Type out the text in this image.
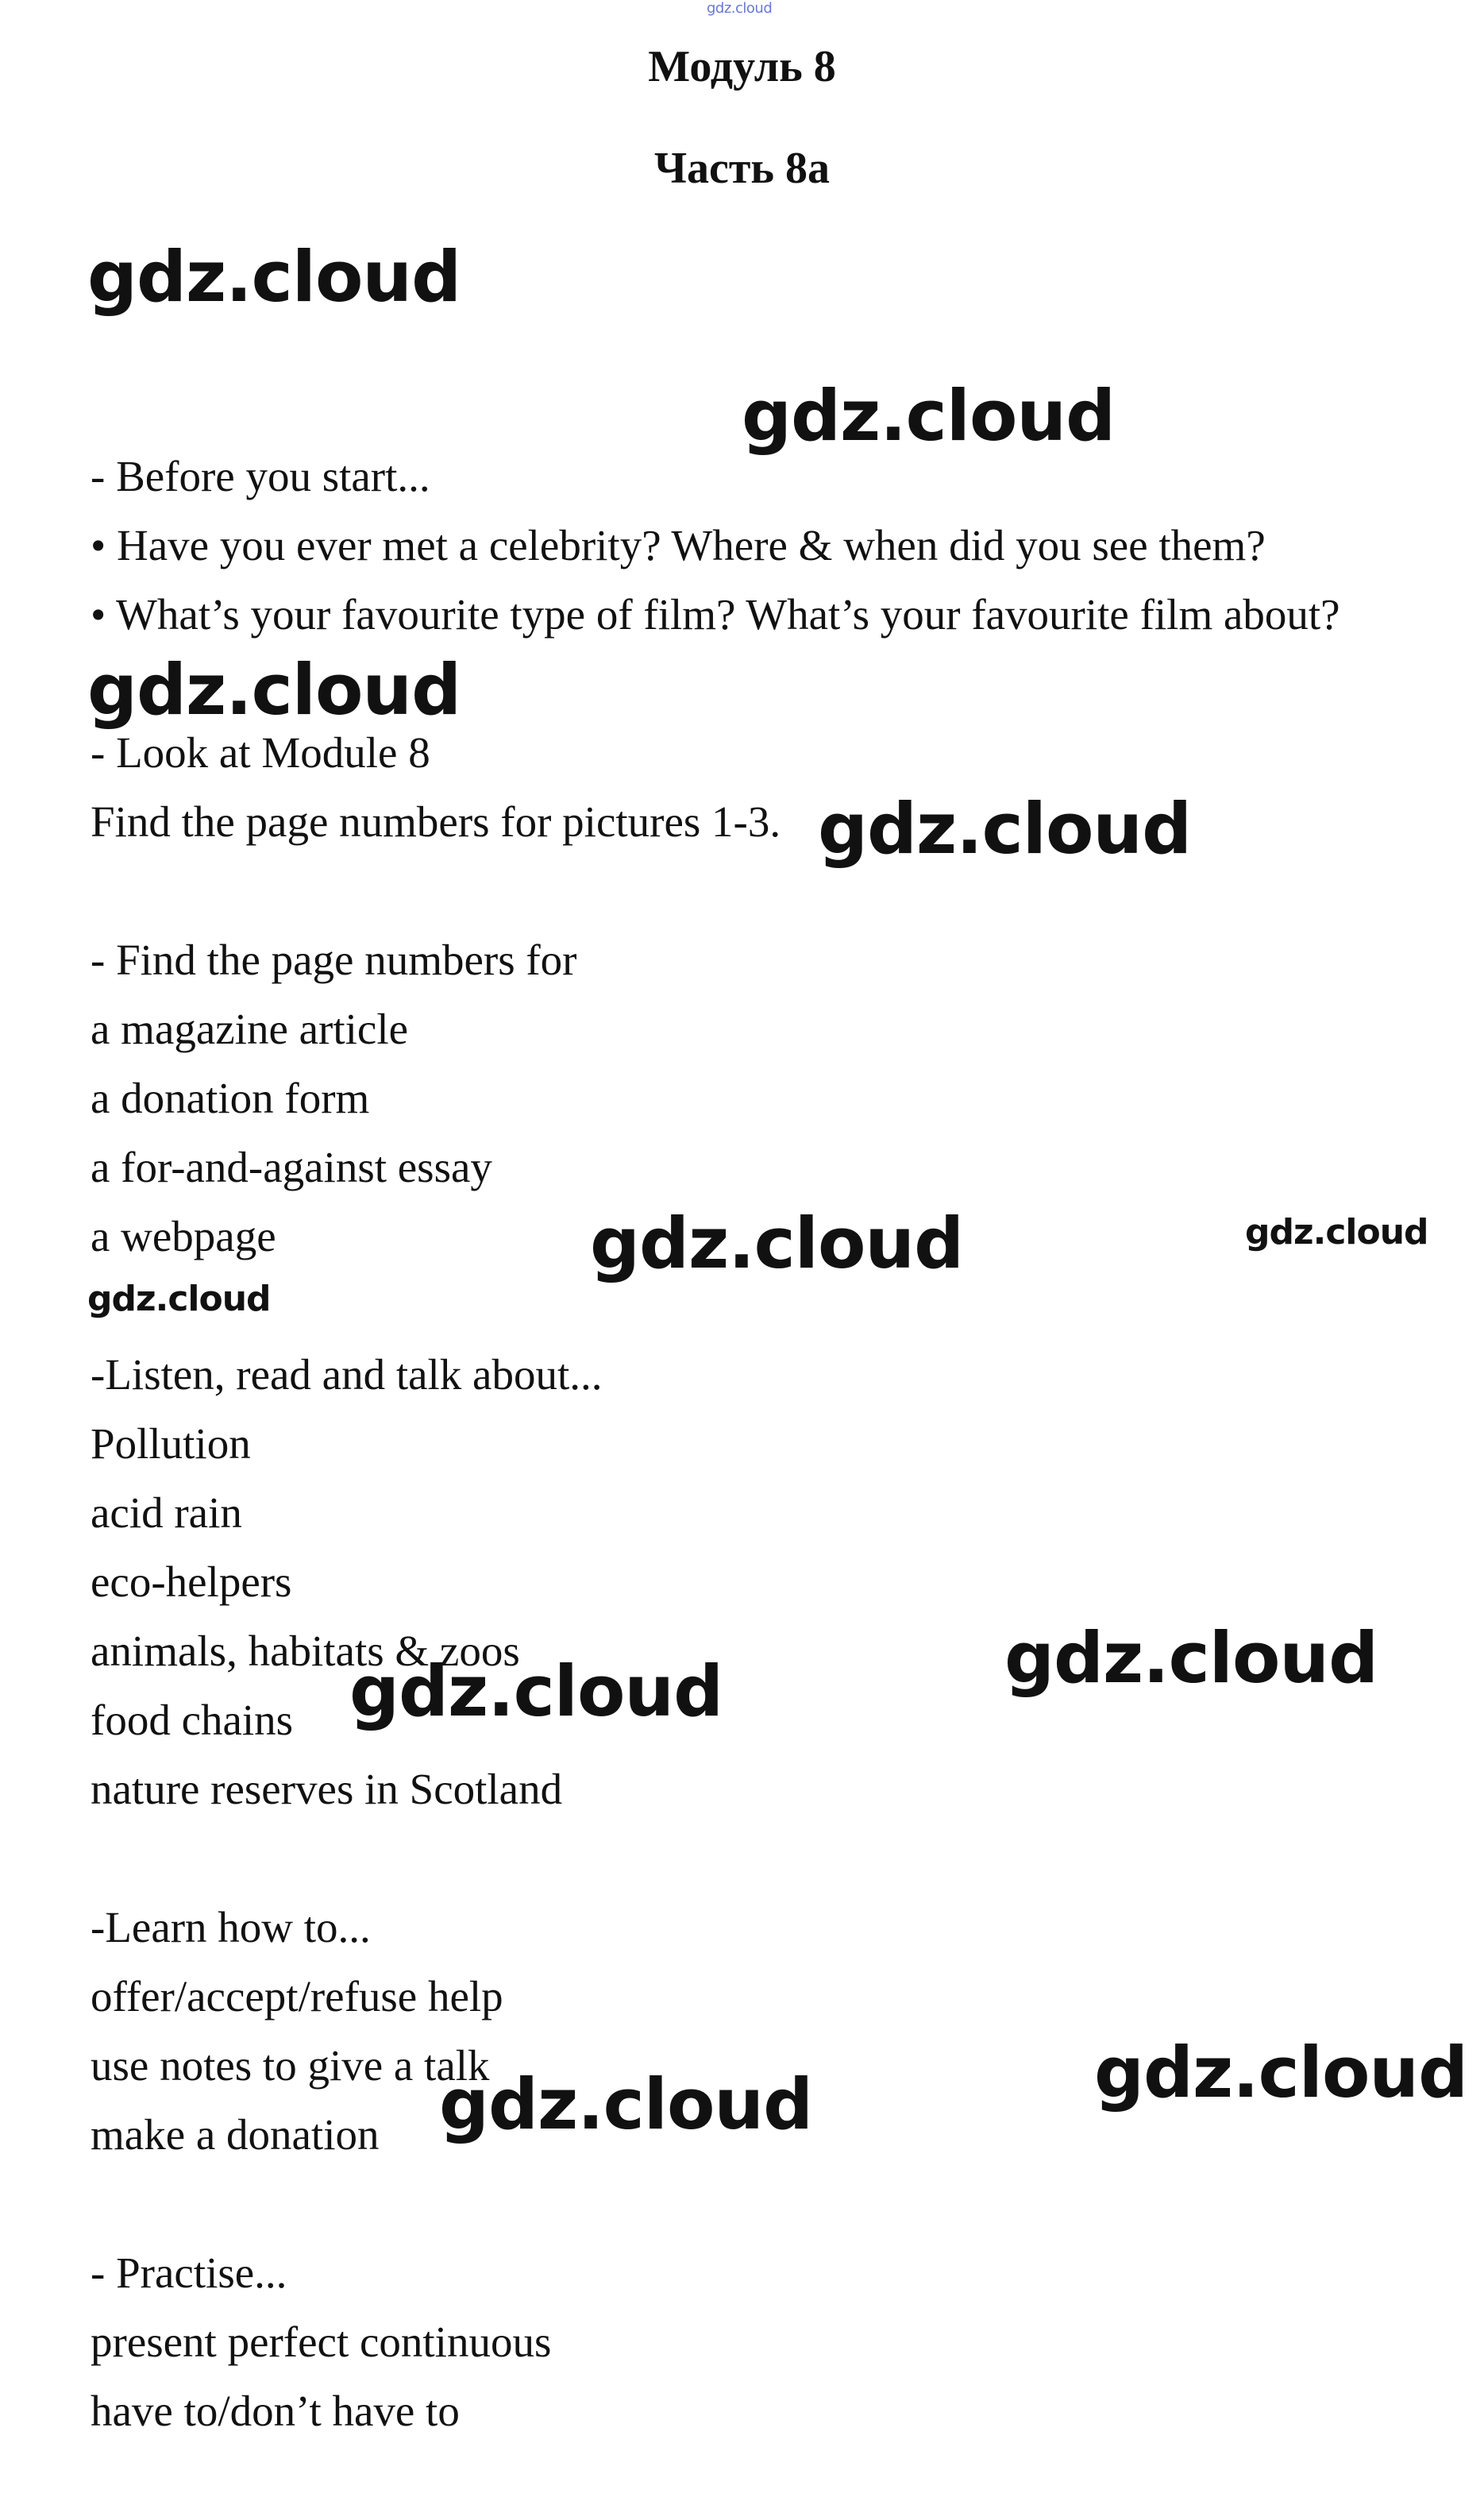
gdz.cloud
Модуль 8
Часть 8а
gdz.cloud
gdz.cloud
gdz.cloud
gdz.cloud
gdz.cloud	gdz.cloud
gdz.cloud
gdz.cloud
gdz.cloud
gdz.cloud
gdz.cloud
- Before you start...
• Have you ever met a celebrity? Where & when did you see them?
• What’s your favourite type of film? What’s your favourite film about?
- Look at Module 8
Find the page numbers for pictures 1-3.
- Find the page numbers for
a magazine article
a donation form
a for-and-against essay
a webpage
-Listen, read and talk about...
Pollution
acid rain
eco-helpers
animals, habitats & zoos
food chains
nature reserves in Scotland
-Learn how to...
offer/accept/refuse help
use notes to give a talk
make a donation
- Practise...
present perfect continuous
have to/don’t have to
